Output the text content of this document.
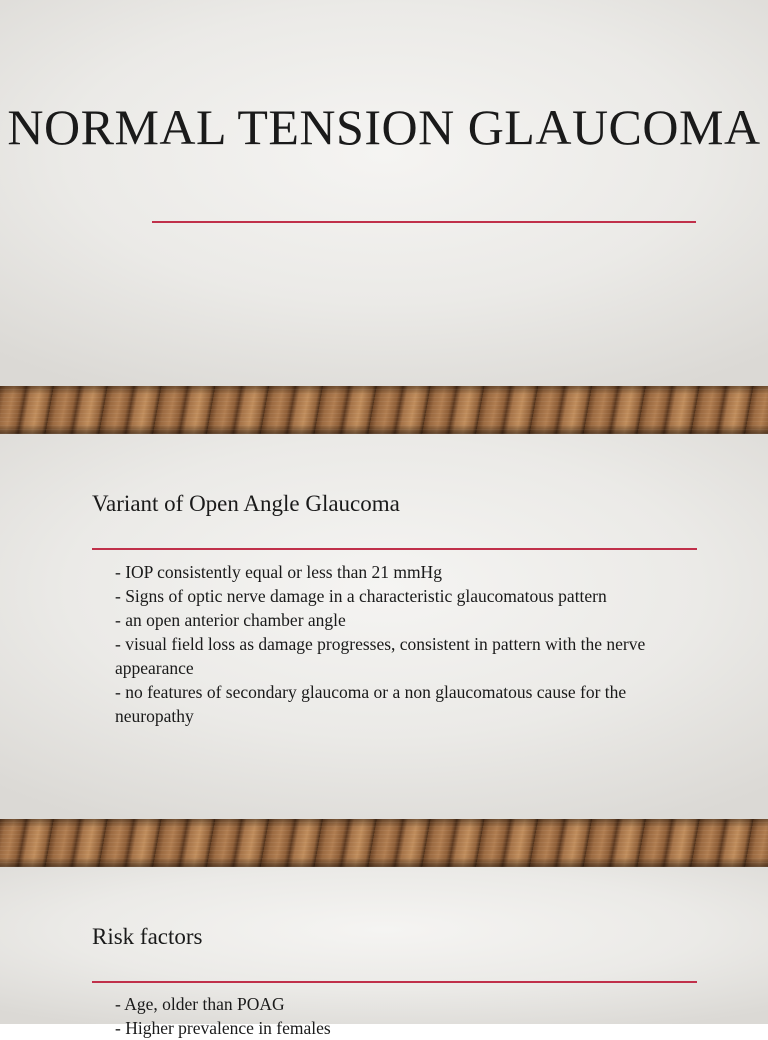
NORMAL TENSION GLAUCOMA
Variant of Open Angle Glaucoma
- IOP consistently equal or less than 21 mmHg
- Signs of optic nerve damage in a characteristic glaucomatous pattern
- an open anterior chamber angle
- visual field loss as damage progresses, consistent in pattern with the nerve appearance
- no features of secondary glaucoma or a non glaucomatous cause for the neuropathy
Risk factors
- Age, older than POAG
- Higher prevalence in females
